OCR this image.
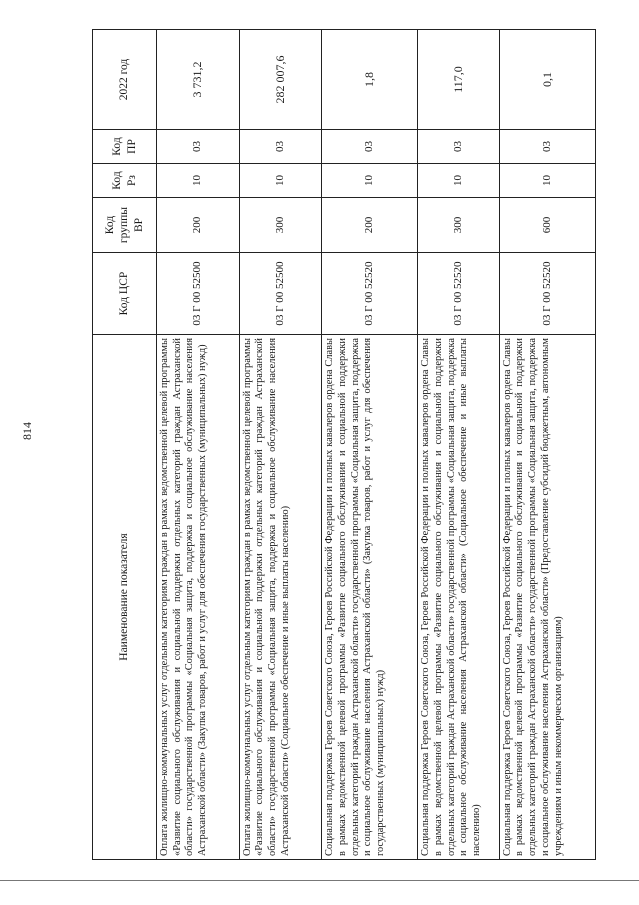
814
Наименование показателя	Код ЦСР	Код группы ВР	Код Рз	Код ПР	2022 год
Оплата жилищно-коммунальных услуг отдельным категориям граждан в рамках ведомственной целевой программы «Развитие социального обслуживания и социальной поддержки отдельных категорий граждан Астраханской области» государственной программы «Социальная защита, поддержка и социальное обслуживание населения Астраханской области» (Закупка товаров, работ и услуг для обеспечения государственных (муниципальных) нужд)	03 Г 00 52500	200	10	03	3 731,2
Оплата жилищно-коммунальных услуг отдельным категориям граждан в рамках ведомственной целевой программы «Развитие социального обслуживания и социальной поддержки отдельных категорий граждан Астраханской области» государственной программы «Социальная защита, поддержка и социальное обслуживание населения Астраханской области» (Социальное обеспечение и иные выплаты населению)	03 Г 00 52500	300	10	03	282 007,6
Социальная поддержка Героев Советского Союза, Героев Российской Федерации и полных кавалеров ордена Славы в рамках ведомственной целевой программы «Развитие социального обслуживания и социальной поддержки отдельных категорий граждан Астраханской области» государственной программы «Социальная защита, поддержка и социальное обслуживание населения Астраханской области» (Закупка товаров, работ и услуг для обеспечения государственных (муниципальных) нужд)	03 Г 00 52520	200	10	03	1,8
Социальная поддержка Героев Советского Союза, Героев Российской Федерации и полных кавалеров ордена Славы в рамках ведомственной целевой программы «Развитие социального обслуживания и социальной поддержки отдельных категорий граждан Астраханской области» государственной программы «Социальная защита, поддержка и социальное обслуживание населения Астраханской области» (Социальное обеспечение и иные выплаты населению)	03 Г 00 52520	300	10	03	117,0
Социальная поддержка Героев Советского Союза, Героев Российской Федерации и полных кавалеров ордена Славы в рамках ведомственной целевой программы «Развитие социального обслуживания и социальной поддержки отдельных категорий граждан Астраханской области» государственной программы «Социальная защита, поддержка и социальное обслуживание населения Астраханской области» (Предоставление субсидий бюджетным, автономным учреждениям и иным некоммерческим организациям)	03 Г 00 52520	600	10	03	0,1
